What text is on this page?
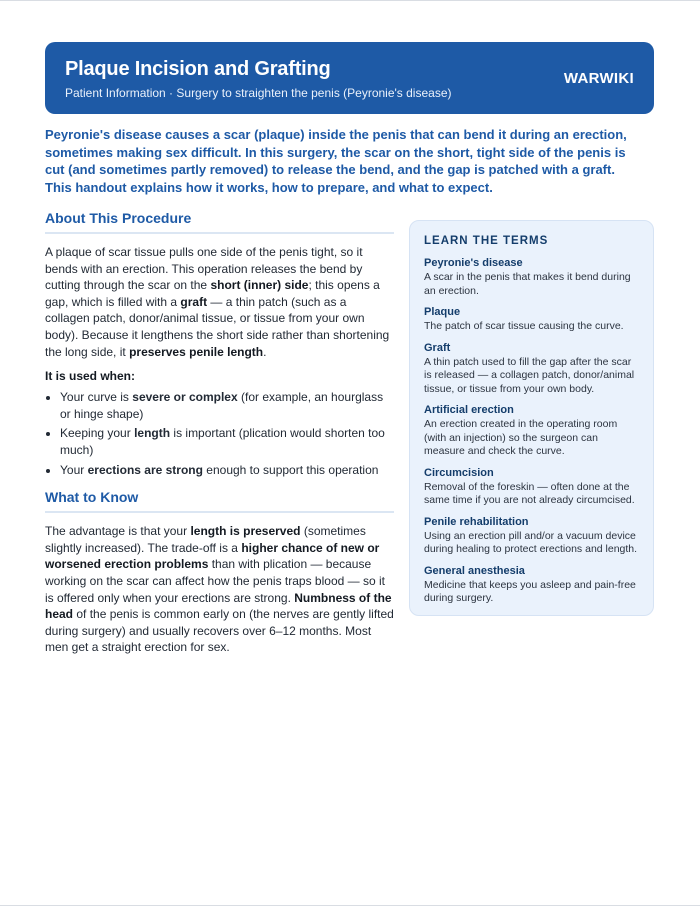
Plaque Incision and Grafting
Patient Information · Surgery to straighten the penis (Peyronie's disease)
WARWIKI

Peyronie's disease causes a scar (plaque) inside the penis that can bend it during an erection, sometimes making sex difficult. In this surgery, the scar on the short, tight side of the penis is cut (and sometimes partly removed) to release the bend, and the gap is patched with a graft. This handout explains how it works, how to prepare, and what to expect.

About This Procedure

A plaque of scar tissue pulls one side of the penis tight, so it bends with an erection. This operation releases the bend by cutting through the scar on the short (inner) side; this opens a gap, which is filled with a graft — a thin patch (such as a collagen patch, donor/animal tissue, or tissue from your own body). Because it lengthens the short side rather than shortening the long side, it preserves penile length.

It is used when:

• Your curve is severe or complex (for example, an hourglass or hinge shape)
• Keeping your length is important (plication would shorten too much)
• Your erections are strong enough to support this operation
What to Know

The advantage is that your length is preserved (sometimes slightly increased). The trade-off is a higher chance of new or worsened erection problems than with plication — because working on the scar can affect how the penis traps blood — so it is offered only when your erections are strong. Numbness of the head of the penis is common early on (the nerves are gently lifted during surgery) and usually recovers over 6–12 months. Most men get a straight erection for sex.

LEARN THE TERMS
Peyronie's disease
A scar in the penis that makes it bend during an erection.
Plaque
The patch of scar tissue causing the curve.
Graft
A thin patch used to fill the gap after the scar is released — a collagen patch, donor/animal tissue, or tissue from your own body.
Artificial erection
An erection created in the operating room (with an injection) so the surgeon can measure and check the curve.
Circumcision
Removal of the foreskin — often done at the same time if you are not already circumcised.
Penile rehabilitation
Using an erection pill and/or a vacuum device during healing to protect erections and length.
General anesthesia
Medicine that keeps you asleep and pain-free during surgery.
